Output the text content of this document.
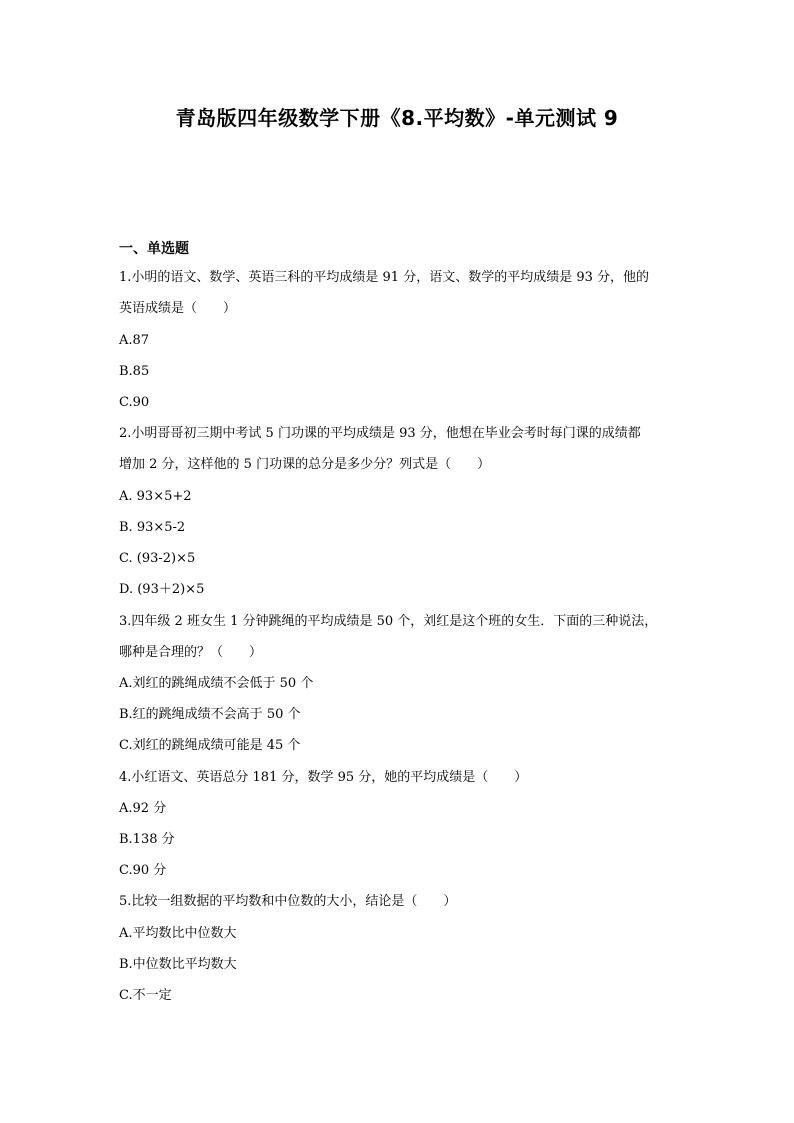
青岛版四年级数学下册《8.平均数》-单元测试 9
一、单选题
1.小明的语文、数学、英语三科的平均成绩是 91 分，语文、数学的平均成绩是 93 分，他的
英语成绩是（　　）
A.87
B.85
C.90
2.小明哥哥初三期中考试 5 门功课的平均成绩是 93 分，他想在毕业会考时每门课的成绩都
增加 2 分，这样他的 5 门功课的总分是多少分？列式是（　　）
A. 93×5+2
B. 93×5-2
C. (93-2)×5
D. (93＋2)×5
3.四年级 2 班女生 1 分钟跳绳的平均成绩是 50 个，刘红是这个班的女生．下面的三种说法，
哪种是合理的？（　　）
A.刘红的跳绳成绩不会低于 50 个
B.红的跳绳成绩不会高于 50 个
C.刘红的跳绳成绩可能是 45 个
4.小红语文、英语总分 181 分，数学 95 分，她的平均成绩是（　　）
A.92 分
B.138 分
C.90 分
5.比较一组数据的平均数和中位数的大小，结论是（　　）
A.平均数比中位数大
B.中位数比平均数大
C.不一定
